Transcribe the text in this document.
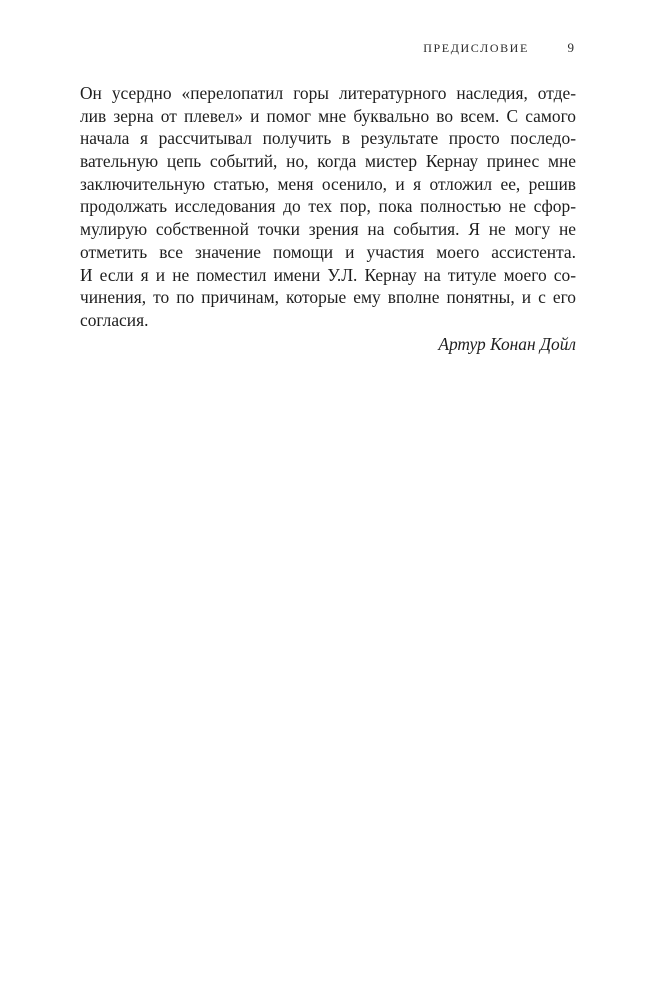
ПРЕДИСЛОВИЕ	9
Он усердно «перелопатил горы литературного наследия, отде-
лив зерна от плевел» и помог мне буквально во всем. С самого
начала я рассчитывал получить в результате просто последо-
вательную цепь событий, но, когда мистер Кернау принес мне
заключительную статью, меня осенило, и я отложил ее, решив
продолжать исследования до тех пор, пока полностью не сфор-
мулирую собственной точки зрения на события. Я не могу не
отметить все значение помощи и участия моего ассистента.
И если я и не поместил имени У.Л. Кернау на титуле моего со-
чинения, то по причинам, которые ему вполне понятны, и с его
согласия.
Артур Конан Дойл
